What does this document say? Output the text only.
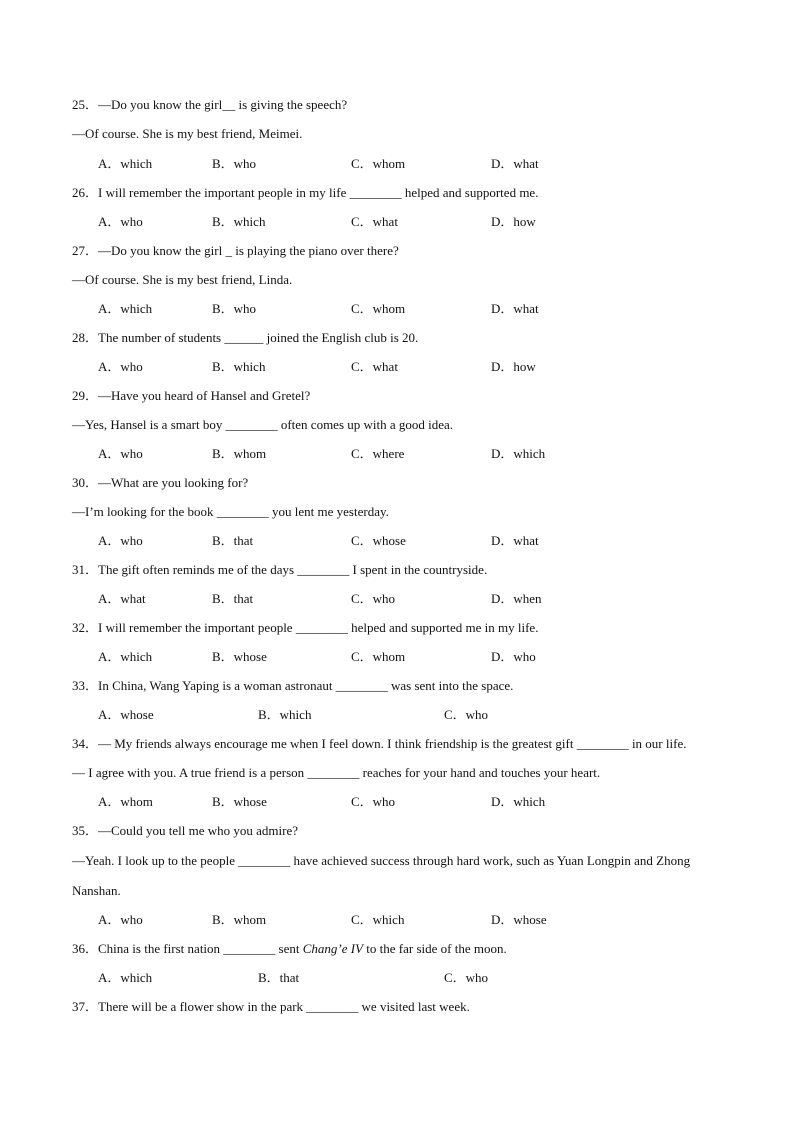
25．—Do you know the girl__ is giving the speech?
—Of course. She is my best friend, Meimei.
A．which	B．who	C．whom	D．what
26．I will remember the important people in my life ________ helped and supported me.
A．who	B．which	C．what	D．how
27．—Do you know the girl _ is playing the piano over there?
—Of course. She is my best friend, Linda.
A．which	B．who	C．whom	D．what
28．The number of students ______ joined the English club is 20.
A．who	B．which	C．what	D．how
29．—Have you heard of Hansel and Gretel?
—Yes, Hansel is a smart boy ________ often comes up with a good idea.
A．who	B．whom	C．where	D．which
30．—What are you looking for?
—I’m looking for the book ________ you lent me yesterday.
A．who	B．that	C．whose	D．what
31．The gift often reminds me of the days ________ I spent in the countryside.
A．what	B．that	C．who	D．when
32．I will remember the important people ________ helped and supported me in my life.
A．which	B．whose	C．whom	D．who
33．In China, Wang Yaping is a woman astronaut ________ was sent into the space.
A．whose	B．which	C．who
34．— My friends always encourage me when I feel down. I think friendship is the greatest gift ________ in our life.
— I agree with you. A true friend is a person ________ reaches for your hand and touches your heart.
A．whom	B．whose	C．who	D．which
35．—Could you tell me who you admire?
—Yeah. I look up to the people ________ have achieved success through hard work, such as Yuan Longpin and Zhong
Nanshan.
A．who	B．whom	C．which	D．whose
36．China is the first nation ________ sent Chang’e IV to the far side of the moon.
A．which	B．that	C．who
37．There will be a flower show in the park ________ we visited last week.
